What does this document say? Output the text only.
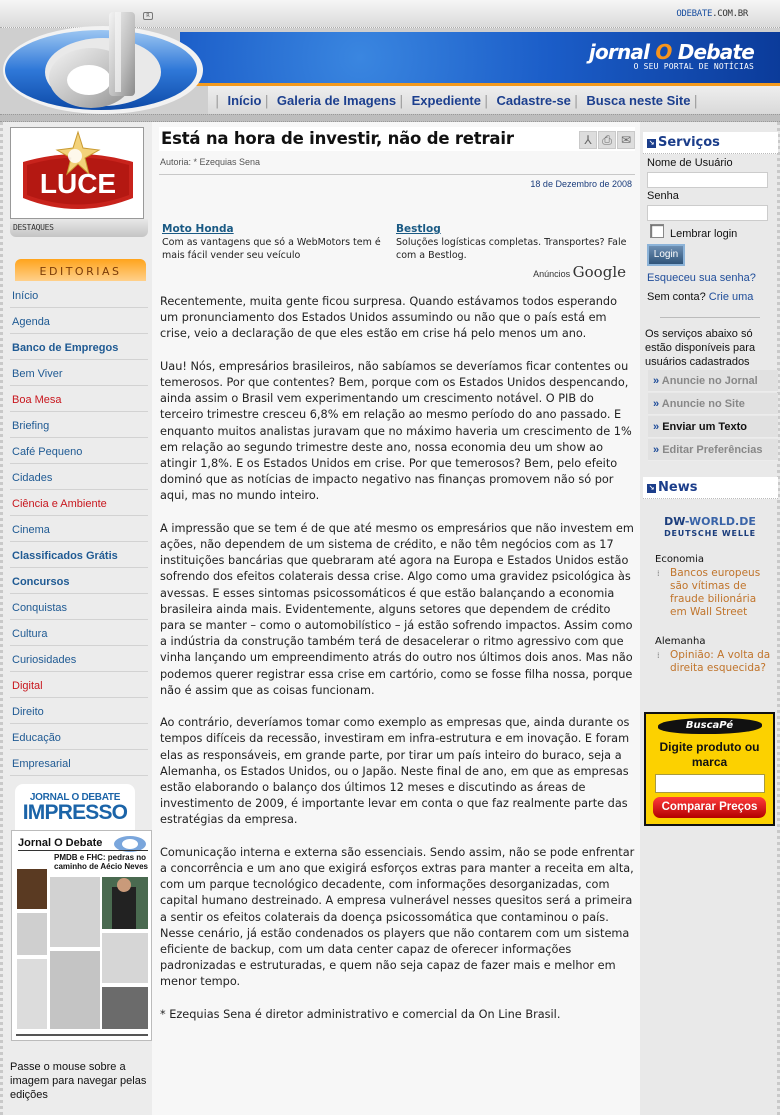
ODEBATE.COM.BR
jornal O Debate
O SEU PORTAL DE NOTÍCIAS
| Início | Galeria de Imagens | Expediente | Cadastre-se | Busca neste Site |
R
LUCE
DESTAQUES
EDITORIAS
Início
Agenda
Banco de Empregos
Bem Viver
Boa Mesa
Briefing
Café Pequeno
Cidades
Ciência e Ambiente
Cinema
Classificados Grátis
Concursos
Conquistas
Cultura
Curiosidades
Digital
Direito
Educação
Empresarial
JORNAL O DEBATE
IMPRESSO
Jornal O Debate
PMDB e FHC: pedras no caminho de Aécio Neves
Passe o mouse sobre a imagem para navegar pelas edições
Está na hora de investir, não de retrair	⅄ ⎙ ✉
Autoria: * Ezequias Sena
18 de Dezembro de 2008
Moto Honda
Com as vantagens que só a WebMotors tem é mais fácil vender seu veículo
Bestlog
Soluções logísticas completas. Transportes? Fale com a Bestlog.
Anúncios Google

Recentemente, muita gente ficou surpresa. Quando estávamos todos esperando um pronunciamento dos Estados Unidos assumindo ou não que o país está em crise, veio a declaração de que eles estão em crise há pelo menos um ano.

Uau! Nós, empresários brasileiros, não sabíamos se deveríamos ficar contentes ou temerosos. Por que contentes? Bem, porque com os Estados Unidos despencando, ainda assim o Brasil vem experimentando um crescimento notável. O PIB do terceiro trimestre cresceu 6,8% em relação ao mesmo período do ano passado. E enquanto muitos analistas juravam que no máximo haveria um crescimento de 1% em relação ao segundo trimestre deste ano, nossa economia deu um show ao atingir 1,8%. E os Estados Unidos em crise. Por que temerosos? Bem, pelo efeito dominó que as notícias de impacto negativo nas finanças promovem não só por aqui, mas no mundo inteiro.

A impressão que se tem é de que até mesmo os empresários que não investem em ações, não dependem de um sistema de crédito, e não têm negócios com as 17 instituições bancárias que quebraram até agora na Europa e Estados Unidos estão sofrendo dos efeitos colaterais dessa crise. Algo como uma gravidez psicológica às avessas. E esses sintomas psicossomáticos é que estão balançando a economia brasileira ainda mais. Evidentemente, alguns setores que dependem de crédito para se manter – como o automobilístico – já estão sofrendo impactos. Assim como a indústria da construção também terá de desacelerar o ritmo agressivo com que vinha lançando um empreendimento atrás do outro nos últimos dois anos. Mas não podemos querer registrar essa crise em cartório, como se fosse filha nossa, porque não é assim que as coisas funcionam.

Ao contrário, deveríamos tomar como exemplo as empresas que, ainda durante os tempos difíceis da recessão, investiram em infra-estrutura e em inovação. E foram elas as responsáveis, em grande parte, por tirar um país inteiro do buraco, seja a Alemanha, os Estados Unidos, ou o Japão. Neste final de ano, em que as empresas estão elaborando o balanço dos últimos 12 meses e discutindo as áreas de investimento de 2009, é importante levar em conta o que faz realmente parte das estratégias da empresa.

Comunicação interna e externa são essenciais. Sendo assim, não se pode enfrentar a concorrência e um ano que exigirá esforços extras para manter a receita em alta, com um parque tecnológico decadente, com informações desorganizadas, com capital humano destreinado. A empresa vulnerável nesses quesitos será a primeira a sentir os efeitos colaterais da doença psicossomática que contaminou o país. Nesse cenário, já estão condenados os players que não contarem com um sistema eficiente de backup, com um data center capaz de oferecer informações padronizadas e estruturadas, e quem não seja capaz de fazer mais e melhor em menor tempo.

* Ezequias Sena é diretor administrativo e comercial da On Line Brasil.

↘ Serviços
Nome de Usuário
Senha
Lembrar login
Login
Esqueceu sua senha?
Sem conta? Crie uma
Os serviços abaixo só estão disponíveis para usuários cadastrados
» Anuncie no Jornal
» Anuncie no Site
» Enviar um Texto
» Editar Preferências
↘ News
DW-WORLD.DE
DEUTSCHE WELLE
Economia
⁞ Bancos europeus são vítimas de fraude bilionária em Wall Street
Alemanha
⁞ Opinião: A volta da direita esquecida?
BuscaPé
Digite produto ou marca
Comparar Preços
